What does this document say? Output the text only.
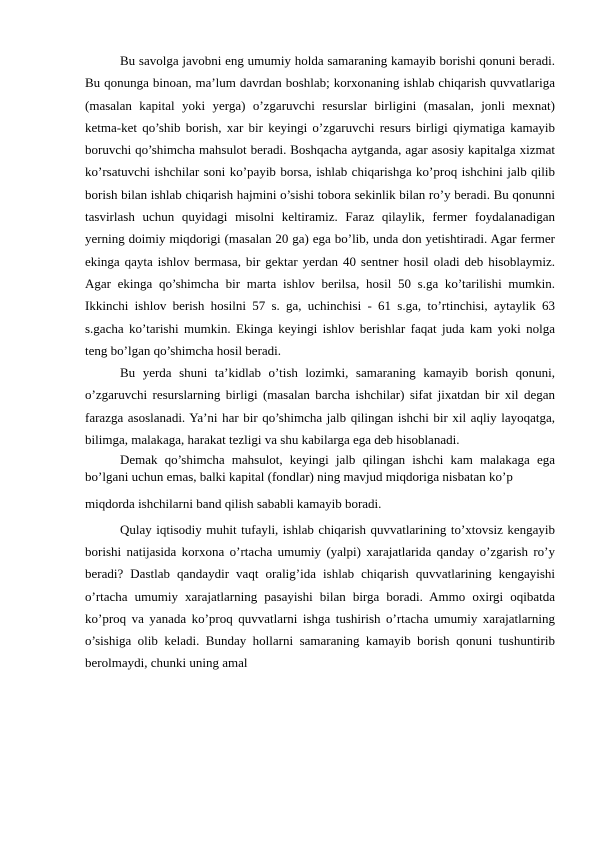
Bu savolga javobni eng umumiy holda samaraning kamayib borishi qonuni beradi. Bu qonunga binoan, ma’lum davrdan boshlab; korxonaning ishlab chiqarish quvvatlariga (masalan kapital yoki yerga) o’zgaruvchi resurslar birligini (masalan, jonli mexnat) ketma-ket qo’shib borish, xar bir keyingi o’zgaruvchi resurs birligi qiymatiga kamayib boruvchi qo’shimcha mahsulot beradi. Boshqacha aytganda, agar asosiy kapitalga xizmat ko’rsatuvchi ishchilar soni ko’payib borsa, ishlab chiqarishga ko’proq ishchini jalb qilib borish bilan ishlab chiqarish hajmini o’sishi tobora sekinlik bilan ro’y beradi. Bu qonunni tasvirlash uchun quyidagi misolni keltiramiz. Faraz qilaylik, fermer foydalanadigan yerning doimiy miqdorigi (masalan 20 ga) ega bo’lib, unda don yetishtiradi. Agar fermer ekinga qayta ishlov bermasa, bir gektar yerdan 40 sentner hosil oladi deb hisoblaymiz. Agar ekinga qo’shimcha bir marta ishlov berilsa, hosil 50 s.ga ko’tarilishi mumkin. Ikkinchi ishlov berish hosilni 57 s. ga, uchinchisi - 61 s.ga, to’rtinchisi, aytaylik 63 s.gacha ko’tarishi mumkin. Ekinga keyingi ishlov berishlar faqat juda kam yoki nolga teng bo’lgan qo’shimcha hosil beradi.

Bu yerda shuni ta’kidlab o’tish lozimki, samaraning kamayib borish qonuni, o’zgaruvchi resurslarning birligi (masalan barcha ishchilar) sifat jixatdan bir xil degan farazga asoslanadi. Ya’ni har bir qo’shimcha jalb qilingan ishchi bir xil aqliy layoqatga, bilimga, malakaga, harakat tezligi va shu kabilarga ega deb hisoblanadi.

Demak qo’shimcha mahsulot, keyingi jalb qilingan ishchi kam malakaga ega bo’lgani uchun emas, balki kapital (fondlar) ning mavjud miqdoriga nisbatan ko’p

miqdorda ishchilarni band qilish sababli kamayib boradi.

Qulay iqtisodiy muhit tufayli, ishlab chiqarish quvvatlarining to’xtovsiz kengayib borishi natijasida korxona o’rtacha umumiy (yalpi) xarajatlarida qanday o’zgarish ro’y beradi? Dastlab qandaydir vaqt oralig’ida ishlab chiqarish quvvatlarining kengayishi o’rtacha umumiy xarajatlarning pasayishi bilan birga boradi. Ammo oxirgi oqibatda ko’proq va yanada ko’proq quvvatlarni ishga tushirish o’rtacha umumiy xarajatlarning o’sishiga olib keladi. Bunday hollarni samaraning kamayib borish qonuni tushuntirib berolmaydi, chunki uning amal
